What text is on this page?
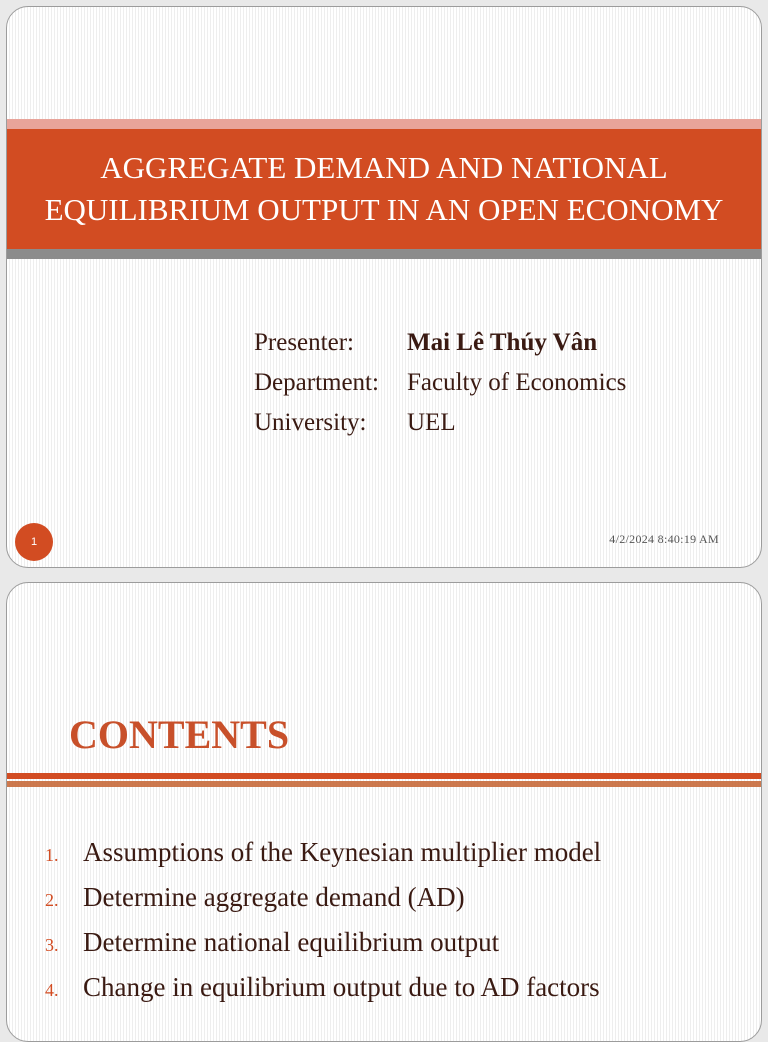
AGGREGATE DEMAND AND NATIONAL
EQUILIBRIUM OUTPUT IN AN OPEN ECONOMY
Presenter:	Mai Lê Thúy Vân
Department:	Faculty of Economics
University:	UEL
1	4/2/2024 8:40:19 AM
CONTENTS
1. Assumptions of the Keynesian multiplier model
2. Determine aggregate demand (AD)
3. Determine national equilibrium output
4. Change in equilibrium output due to AD factors
